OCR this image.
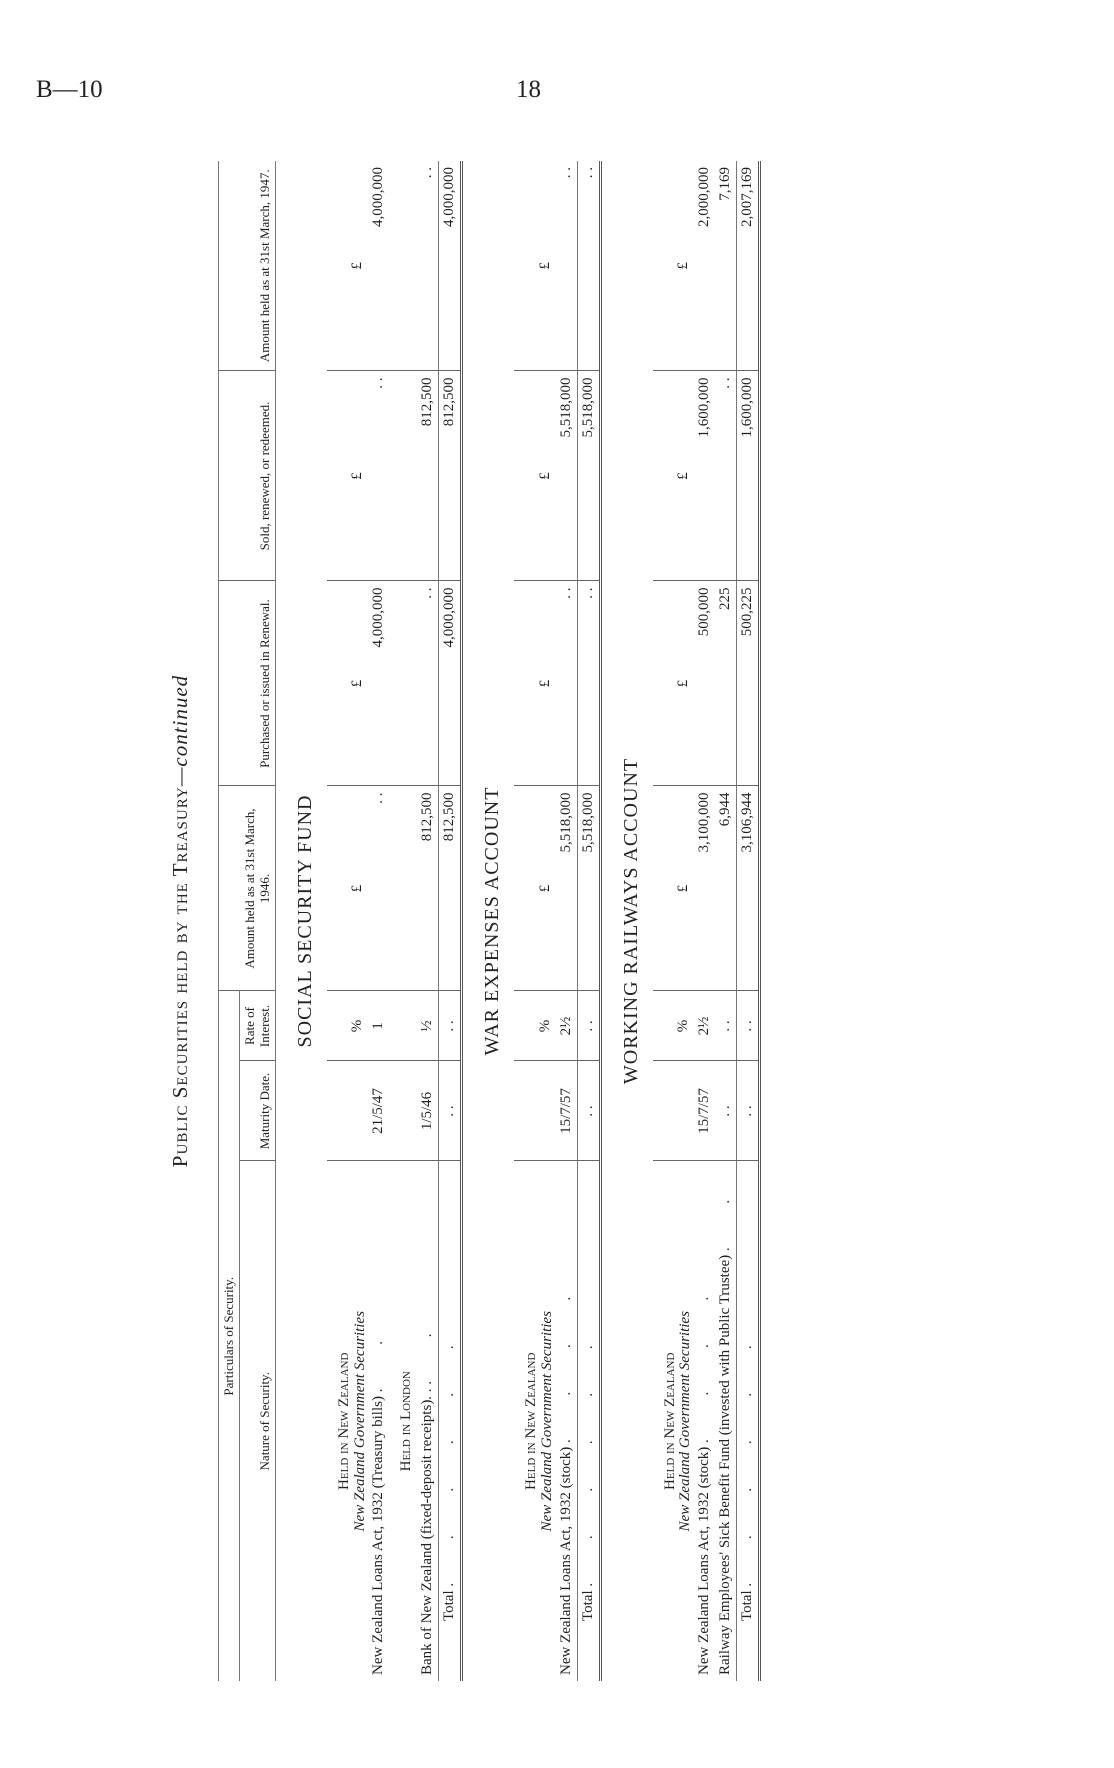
B—10	18
Public Securities held by the Treasury—continued
Particulars of Security.			Amount held as at 31st March, 1946.	Purchased or issued in Renewal.	Sold, renewed, or redeemed.	Amount held as at 31st March, 1947.
Nature of Security.	Maturity Date.	Rate of Interest.				
SOCIAL SECURITY FUND						

Held in New Zealand New Zealand Government Securities		%	£	£	£	£
New Zealand Loans Act, 1932 (Treasury bills) . .	21/5/47	1	. .	4,000,000	. .	4,000,000
Held in London						
Bank of New Zealand (fixed-deposit receipts). . . .	1/5/46	½	812,500	. .	812,500	. .
Total . . . . . .	. .	. .	812,500	4,000,000	812,500	4,000,000
WAR EXPENSES ACCOUNT						

Held in New Zealand New Zealand Government Securities		%	£	£	£	£
New Zealand Loans Act, 1932 (stock) . . . .	15/7/57	2½	5,518,000	. .	5,518,000	. .
Total . . . . . .	. .	. .	5,518,000	. .	5,518,000	. .
WORKING RAILWAYS ACCOUNT						

Held in New Zealand New Zealand Government Securities		%	£	£	£	£
New Zealand Loans Act, 1932 (stock) . . . .	15/7/57	2½	3,100,000	500,000	1,600,000	2,000,000
Railway Employees' Sick Benefit Fund (invested with Public Trustee) . .	. .	. .	6,944	225	. .	7,169
Total . . . . . .	. .	. .	3,106,944	500,225	1,600,000	2,007,169
